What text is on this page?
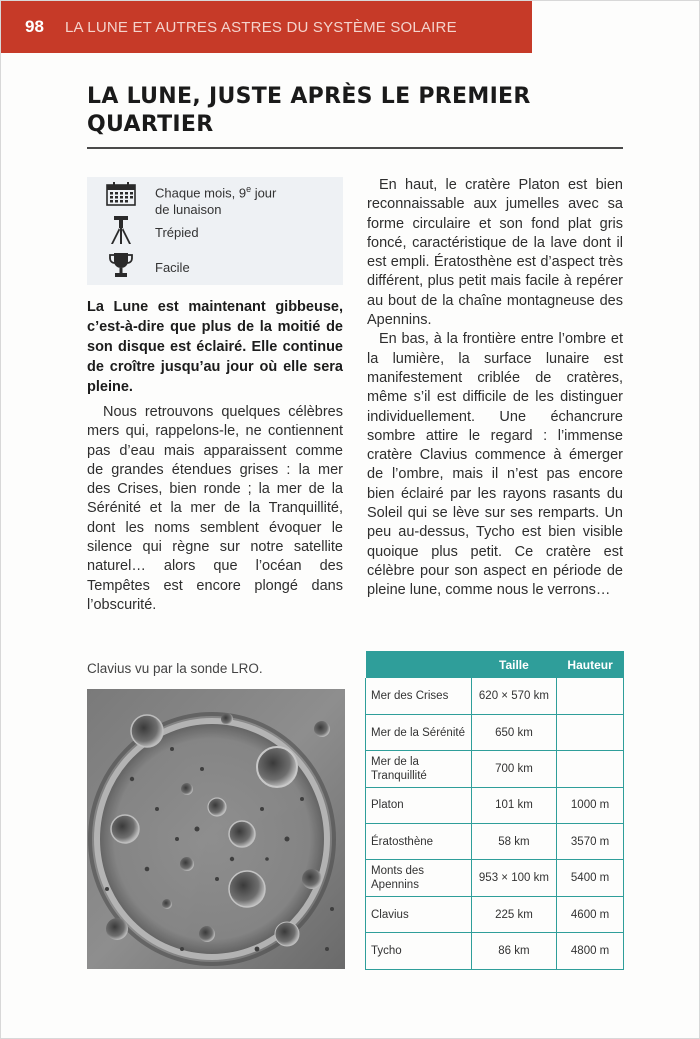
98	LA LUNE ET AUTRES ASTRES DU SYSTÈME SOLAIRE
LA LUNE, JUSTE APRÈS LE PREMIER
QUARTIER
Chaque mois, 9e jour
de lunaison
Trépied
Facile

La Lune est maintenant gibbeuse, c’est-à-dire que plus de la moitié de son disque est éclairé. Elle continue de croître jusqu’au jour où elle sera pleine.

Nous retrouvons quelques célèbres mers qui, rappelons-le, ne contiennent pas d’eau mais apparaissent comme de grandes étendues grises : la mer des Crises, bien ronde ; la mer de la Sérénité et la mer de la Tranquillité, dont les noms semblent évoquer le silence qui règne sur notre satellite naturel… alors que l’océan des Tempêtes est encore plongé dans l’obscurité.

En haut, le cratère Platon est bien reconnaissable aux jumelles avec sa forme circulaire et son fond plat gris foncé, caractéristique de la lave dont il est empli. Ératosthène est d’aspect très différent, plus petit mais facile à repérer au bout de la chaîne montagneuse des Apennins.

En bas, à la frontière entre l’ombre et la lumière, la surface lunaire est manifestement criblée de cratères, même s’il est difficile de les distinguer individuellement. Une échancrure sombre attire le regard : l’immense cratère Clavius commence à émerger de l’ombre, mais il n’est pas encore bien éclairé par les rayons rasants du Soleil qui se lève sur ses remparts. Un peu au-dessus, Tycho est bien visible quoique plus petit. Ce cratère est célèbre pour son aspect en période de pleine lune, comme nous le verrons…

Clavius vu par la sonde LRO.
		Taille	Hauteur
Mer des Crises	620 × 570 km	
Mer de la Sérénité	650 km	
Mer de la Tranquillité	700 km	
Platon	101 km	1000 m
Ératosthène	58 km	3570 m
Monts des Apennins	953 × 100 km	5400 m
Clavius	225 km	4600 m
Tycho	86 km	4800 m
